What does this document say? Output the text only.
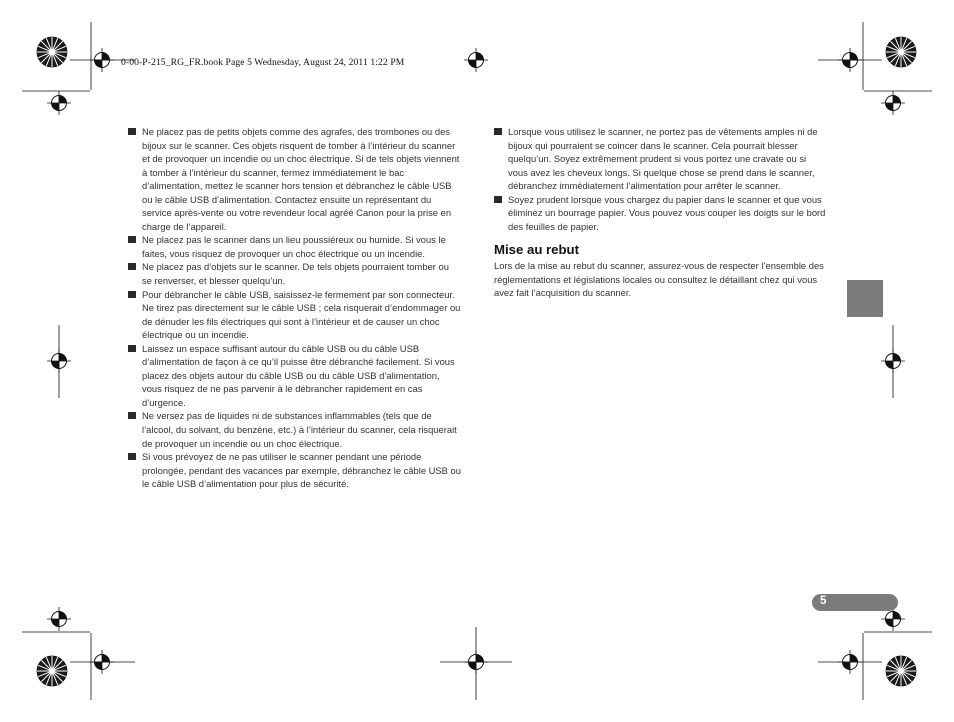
0-00-P-215_RG_FR.book Page 5 Wednesday, August 24, 2011 1:22 PM
Ne placez pas de petits objets comme des agrafes, des trombones ou des bijoux sur le scanner. Ces objets risquent de tomber à l’intérieur du scanner et de provoquer un incendie ou un choc électrique. Si de tels objets viennent à tomber à l’intérieur du scanner, fermez immédiatement le bac d’alimentation, mettez le scanner hors tension et débranchez le câble USB ou le câble USB d’alimentation. Contactez ensuite un représentant du service après-vente ou votre revendeur local agréé Canon pour la prise en charge de l’appareil.
Ne placez pas le scanner dans un lieu poussiéreux ou humide. Si vous le faites, vous risquez de provoquer un choc électrique ou un incendie.
Ne placez pas d’objets sur le scanner. De tels objets pourraient tomber ou se renverser, et blesser quelqu’un.
Pour débrancher le câble USB, saisissez-le fermement par son connecteur. Ne tirez pas directement sur le câble USB ; cela risquerait d’endommager ou de dénuder les fils électriques qui sont à l’intérieur et de causer un choc électrique ou un incendie.
Laissez un espace suffisant autour du câble USB ou du câble USB d’alimentation de façon à ce qu’il puisse être débranché facilement. Si vous placez des objets autour du câble USB ou du câble USB d’alimentation, vous risquez de ne pas parvenir à le débrancher rapidement en cas d’urgence.
Ne versez pas de liquides ni de substances inflammables (tels que de l’alcool, du solvant, du benzène, etc.) à l’intérieur du scanner, cela risquerait de provoquer un incendie ou un choc électrique.
Si vous prévoyez de ne pas utiliser le scanner pendant une période prolongée, pendant des vacances par exemple, débranchez le câble USB ou le câble USB d’alimentation pour plus de sécurité.
Lorsque vous utilisez le scanner, ne portez pas de vêtements amples ni de bijoux qui pourraient se coincer dans le scanner. Cela pourrait blesser quelqu’un. Soyez extrêmement prudent si vous portez une cravate ou si vous avez les cheveux longs. Si quelque chose se prend dans le scanner, débranchez immédiatement l’alimentation pour arrêter le scanner.
Soyez prudent lorsque vous chargez du papier dans le scanner et que vous éliminez un bourrage papier. Vous pouvez vous couper les doigts sur le bord des feuilles de papier.
Mise au rebut
Lors de la mise au rebut du scanner, assurez-vous de respecter l’ensemble des réglementations et législations locales ou consultez le détaillant chez qui vous avez fait l’acquisition du scanner.
5
